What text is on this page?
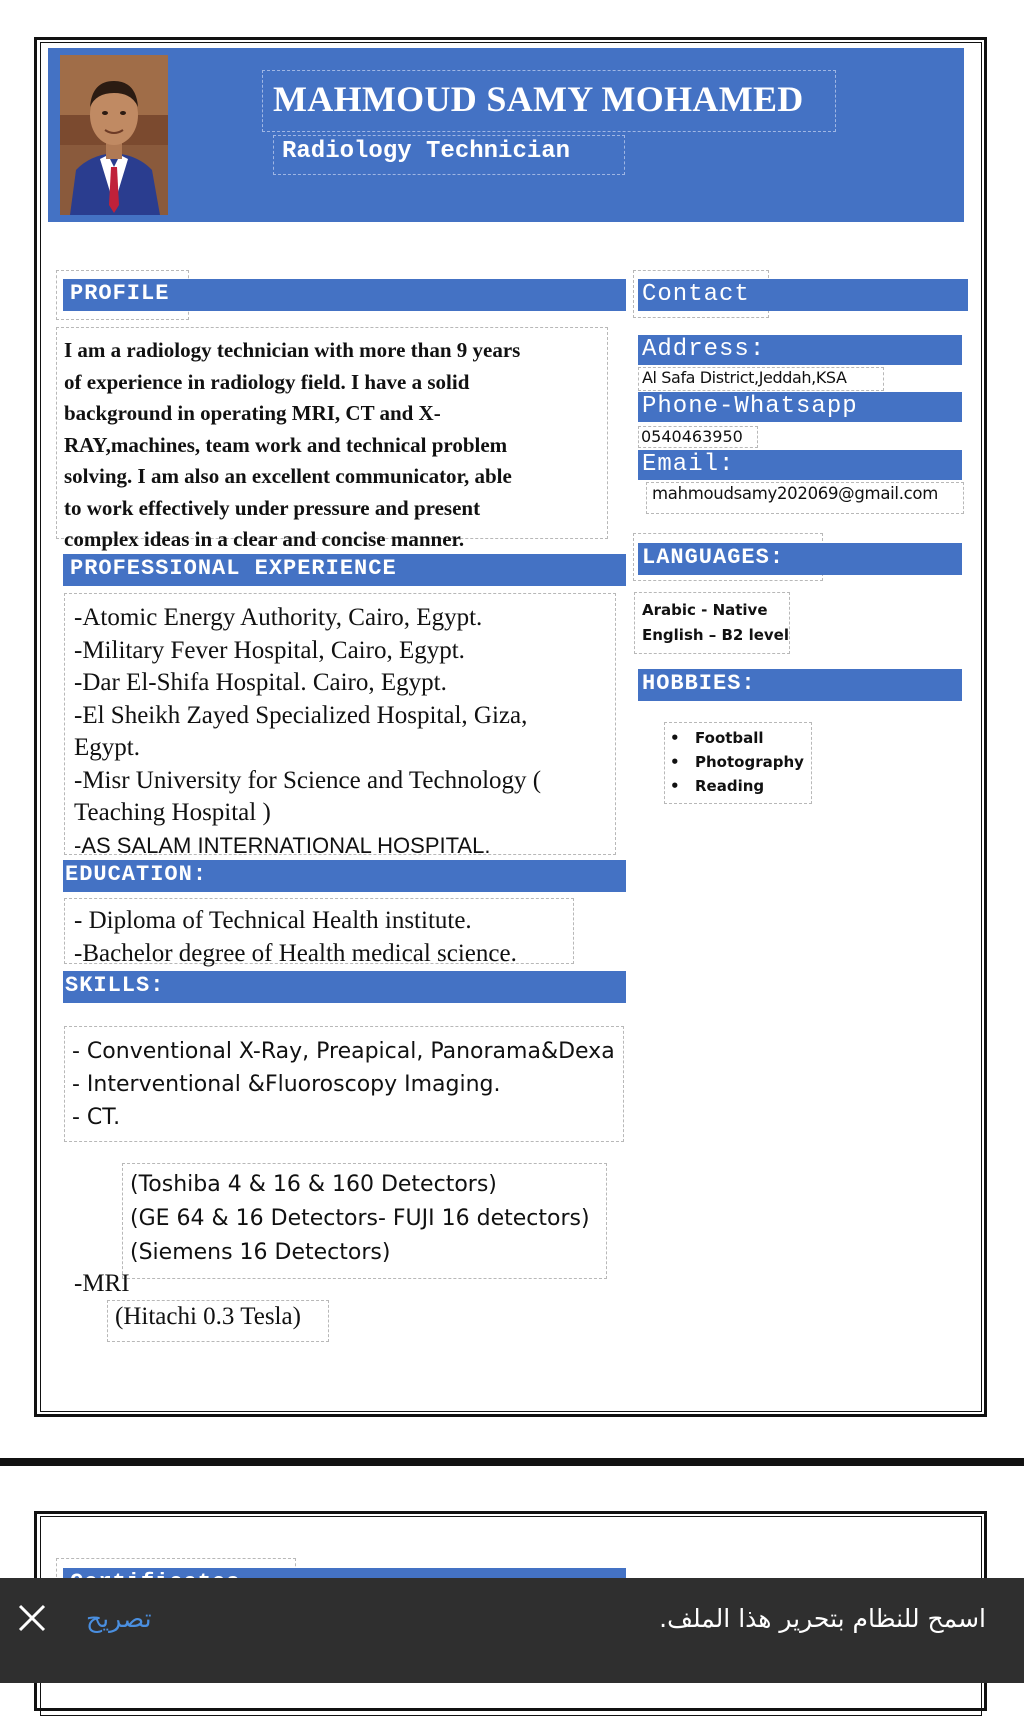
MAHMOUD SAMY MOHAMED
Radiology Technician
PROFILE
I am a radiology technician with more than 9 years
of experience in radiology field. I have a solid
background in operating MRI, CT and X-
RAY,machines, team work and technical problem
solving. I am also an excellent communicator, able
to work effectively under pressure and present
complex ideas in a clear and concise manner.
PROFESSIONAL EXPERIENCE
-Atomic Energy Authority, Cairo, Egypt.
-Military Fever Hospital, Cairo, Egypt.
-Dar El-Shifa Hospital. Cairo, Egypt.
-El Sheikh Zayed Specialized Hospital, Giza,
Egypt.
-Misr University for Science and Technology (
Teaching Hospital )
-AS SALAM INTERNATIONAL HOSPITAL.
EDUCATION:
- Diploma of Technical Health institute.
-Bachelor degree of Health medical science.
SKILLS:
- Conventional X-Ray, Preapical, Panorama&Dexa
- Interventional &Fluoroscopy Imaging.
- CT.
(Toshiba 4 & 16 & 160 Detectors)
(GE 64 & 16 Detectors- FUJI 16 detectors)
(Siemens 16 Detectors)
-MRI
(Hitachi 0.3 Tesla)
Contact
Address:
Al Safa District,Jeddah,KSA
Phone-Whatsapp
0540463950
Email:
mahmoudsamy202069@gmail.com
LANGUAGES:
Arabic - Native
English – B2 level
HOBBIES:
• Football
• Photography
• Reading
تصريح	اسمح للنظام بتحرير هذا الملف.
